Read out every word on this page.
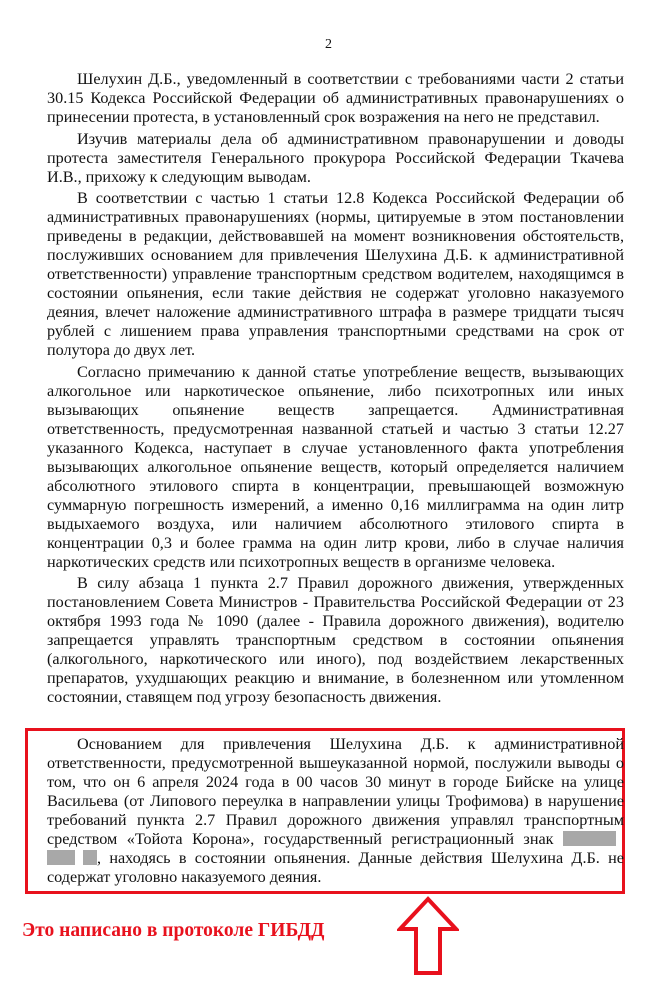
2

Шелухин Д.Б., уведомленный в соответствии с требованиями части 2 статьи 30.15 Кодекса Российской Федерации об административных правонарушениях о принесении протеста, в установленный срок возражения на него не представил.

Изучив материалы дела об административном правонарушении и доводы протеста заместителя Генерального прокурора Российской Федерации Ткачева И.В., прихожу к следующим выводам.

В соответствии с частью 1 статьи 12.8 Кодекса Российской Федерации об административных правонарушениях (нормы, цитируемые в этом постановлении приведены в редакции, действовавшей на момент возникновения обстоятельств, послуживших основанием для привлечения Шелухина Д.Б. к административной ответственности) управление транспортным средством водителем, находящимся в состоянии опьянения, если такие действия не содержат уголовно наказуемого деяния, влечет наложение административного штрафа в размере тридцати тысяч рублей с лишением права управления транспортными средствами на срок от полутора до двух лет.

Согласно примечанию к данной статье употребление веществ, вызывающих алкогольное или наркотическое опьянение, либо психотропных или иных вызывающих опьянение веществ запрещается. Административная ответственность, предусмотренная названной статьей и частью 3 статьи 12.27 указанного Кодекса, наступает в случае установленного факта употребления вызывающих алкогольное опьянение веществ, который определяется наличием абсолютного этилового спирта в концентрации, превышающей возможную суммарную погрешность измерений, а именно 0,16 миллиграмма на один литр выдыхаемого воздуха, или наличием абсолютного этилового спирта в концентрации 0,3 и более грамма на один литр крови, либо в случае наличия наркотических средств или психотропных веществ в организме человека.

В силу абзаца 1 пункта 2.7 Правил дорожного движения, утвержденных постановлением Совета Министров - Правительства Российской Федерации от 23 октября 1993 года № 1090 (далее - Правила дорожного движения), водителю запрещается управлять транспортным средством в состоянии опьянения (алкогольного, наркотического или иного), под воздействием лекарственных препаратов, ухудшающих реакцию и внимание, в болезненном или утомленном состоянии, ставящем под угрозу безопасность движения.

Основанием для привлечения Шелухина Д.Б. к административной ответственности, предусмотренной вышеуказанной нормой, послужили выводы о том, что он 6 апреля 2024 года в 00 часов 30 минут в городе Бийске на улице Васильева (от Липового переулка в направлении улицы Трофимова) в нарушение требований пункта 2.7 Правил дорожного движения управлял транспортным средством «Тойота Корона», государственный регистрационный знак , находясь в состоянии опьянения. Данные действия Шелухина Д.Б. не содержат уголовно наказуемого деяния.

Это написано в протоколе ГИБДД
